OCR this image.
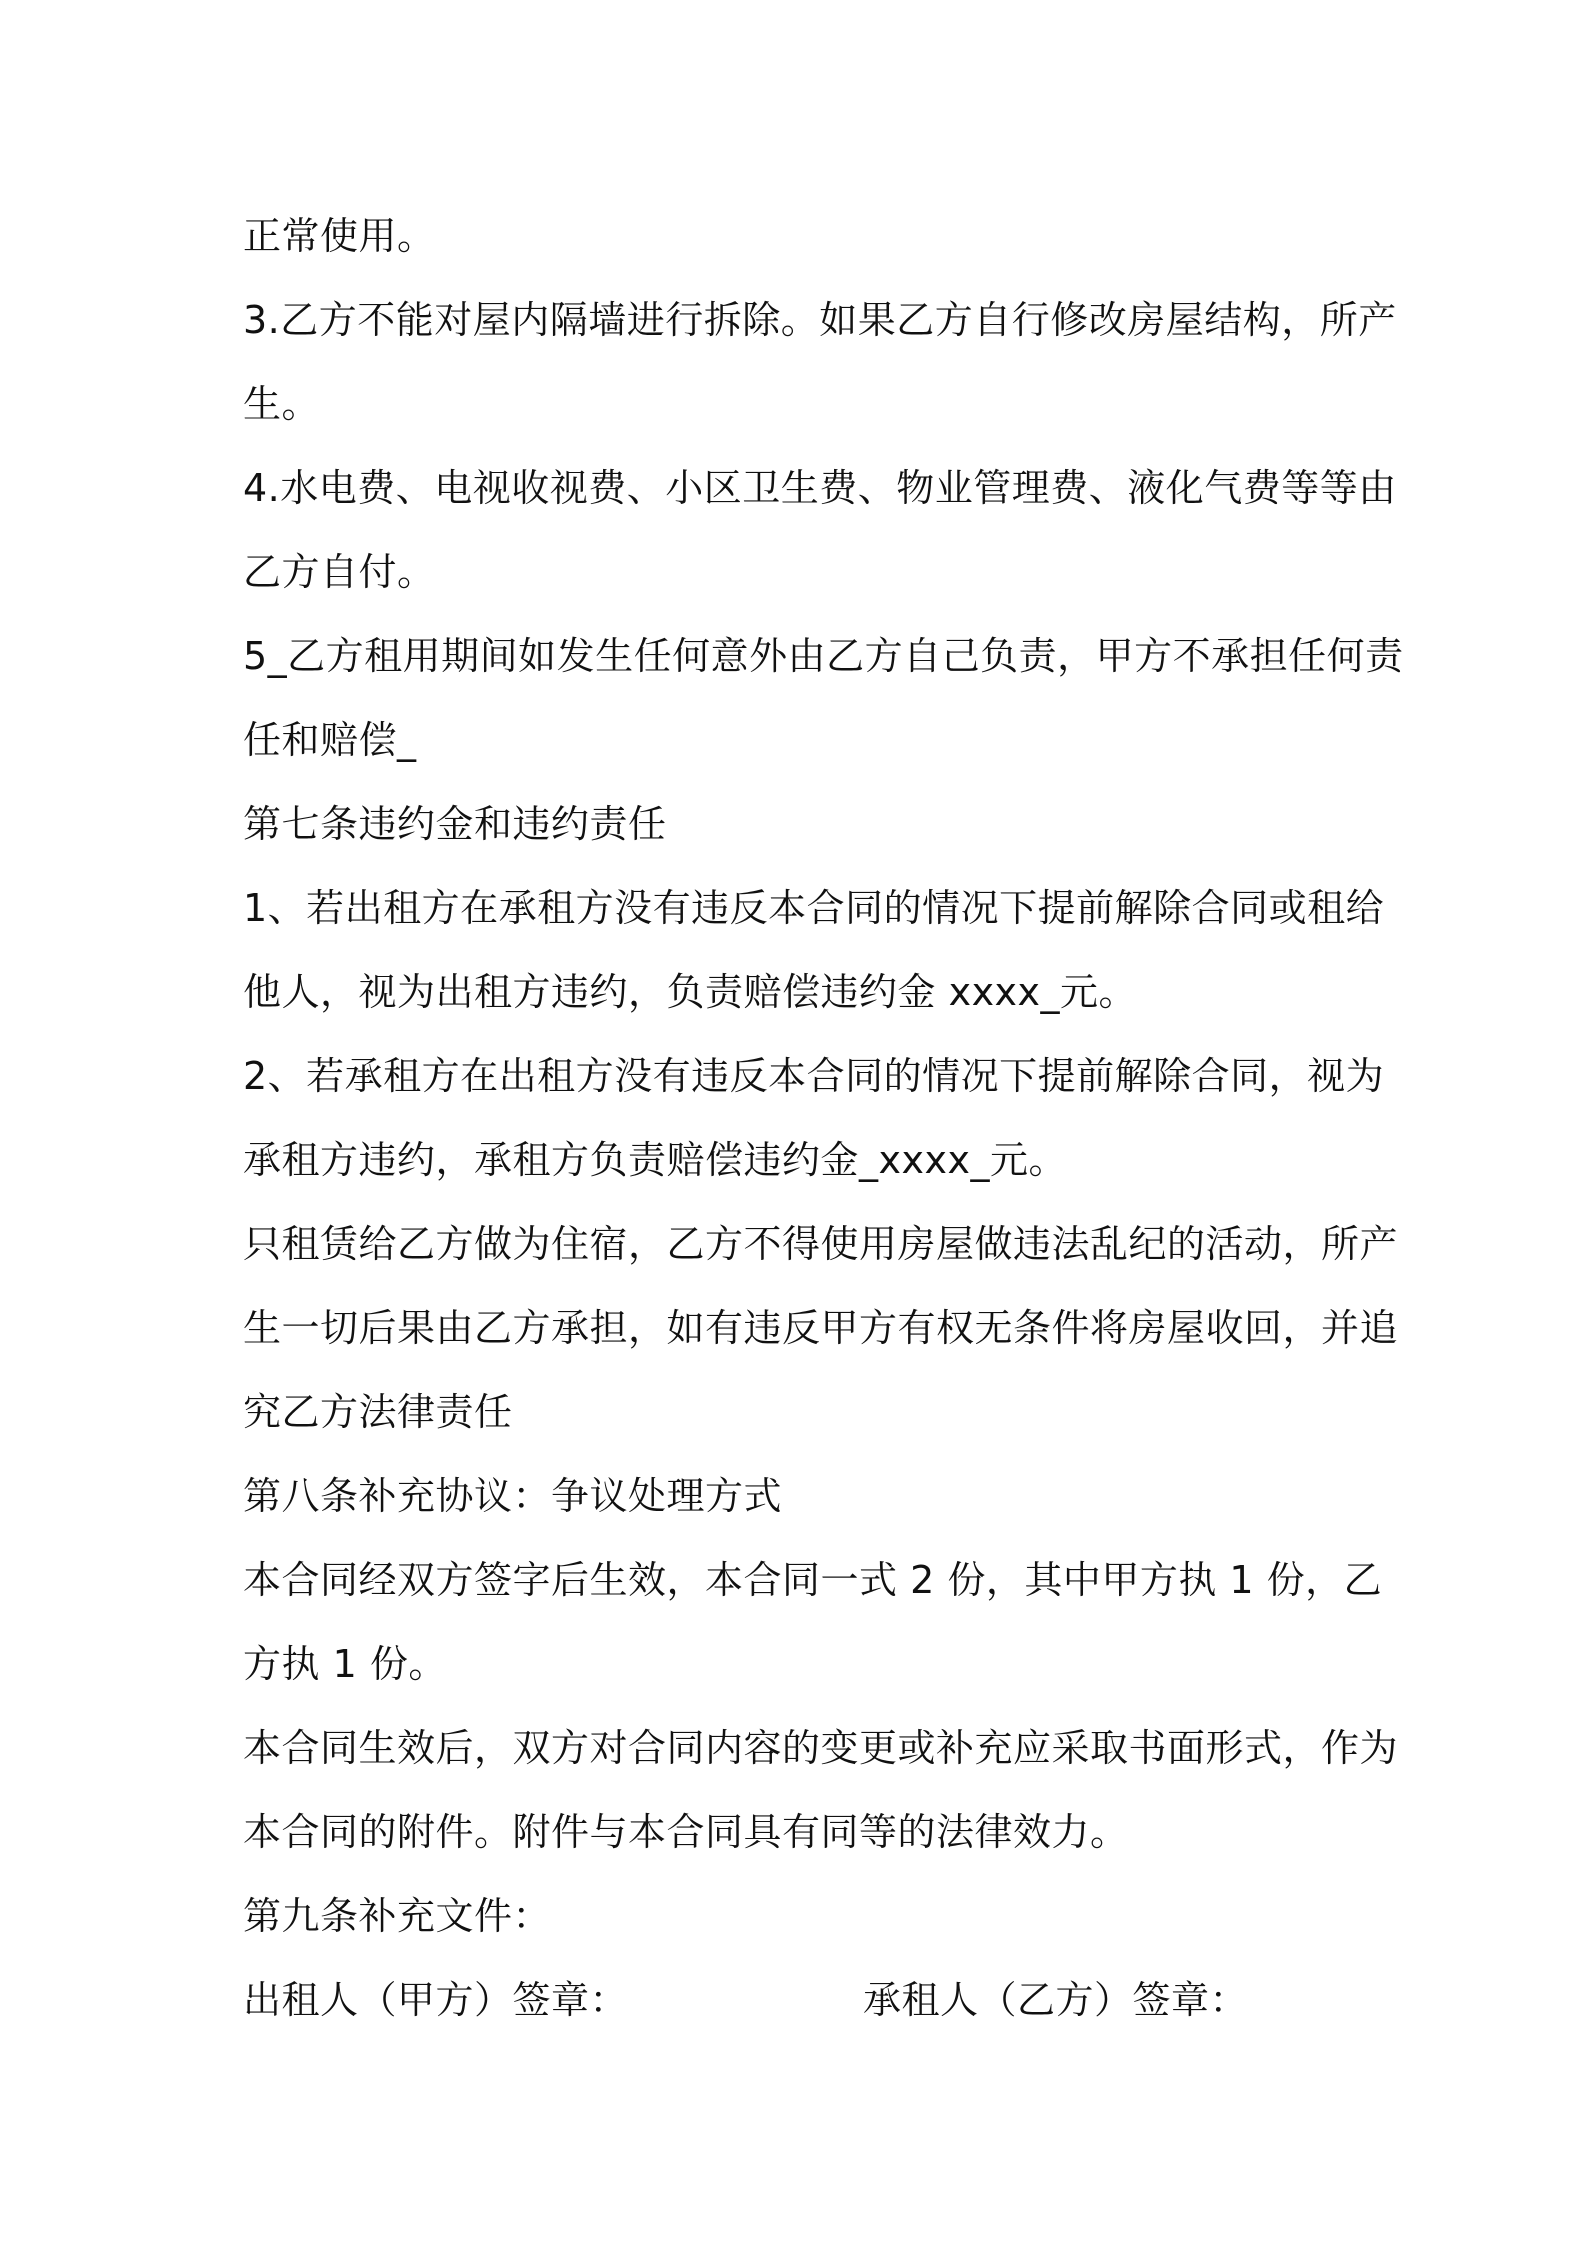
正常使用。
3.乙方不能对屋内隔墙进行拆除。如果乙方自行修改房屋结构，所产
生。
4.水电费、电视收视费、小区卫生费、物业管理费、液化气费等等由
乙方自付。
5_乙方租用期间如发生任何意外由乙方自己负责，甲方不承担任何责
任和赔偿_
第七条违约金和违约责任
1、若出租方在承租方没有违反本合同的情况下提前解除合同或租给
他人，视为出租方违约，负责赔偿违约金 xxxx_元。
2、若承租方在出租方没有违反本合同的情况下提前解除合同，视为
承租方违约，承租方负责赔偿违约金_xxxx_元。
只租赁给乙方做为住宿，乙方不得使用房屋做违法乱纪的活动，所产
生一切后果由乙方承担，如有违反甲方有权无条件将房屋收回，并追
究乙方法律责任
第八条补充协议：争议处理方式
本合同经双方签字后生效，本合同一式 2 份，其中甲方执 1 份，乙
方执 1 份。
本合同生效后，双方对合同内容的变更或补充应采取书面形式，作为
本合同的附件。附件与本合同具有同等的法律效力。
第九条补充文件：
出租人（甲方）签章：	承租人（乙方）签章：
